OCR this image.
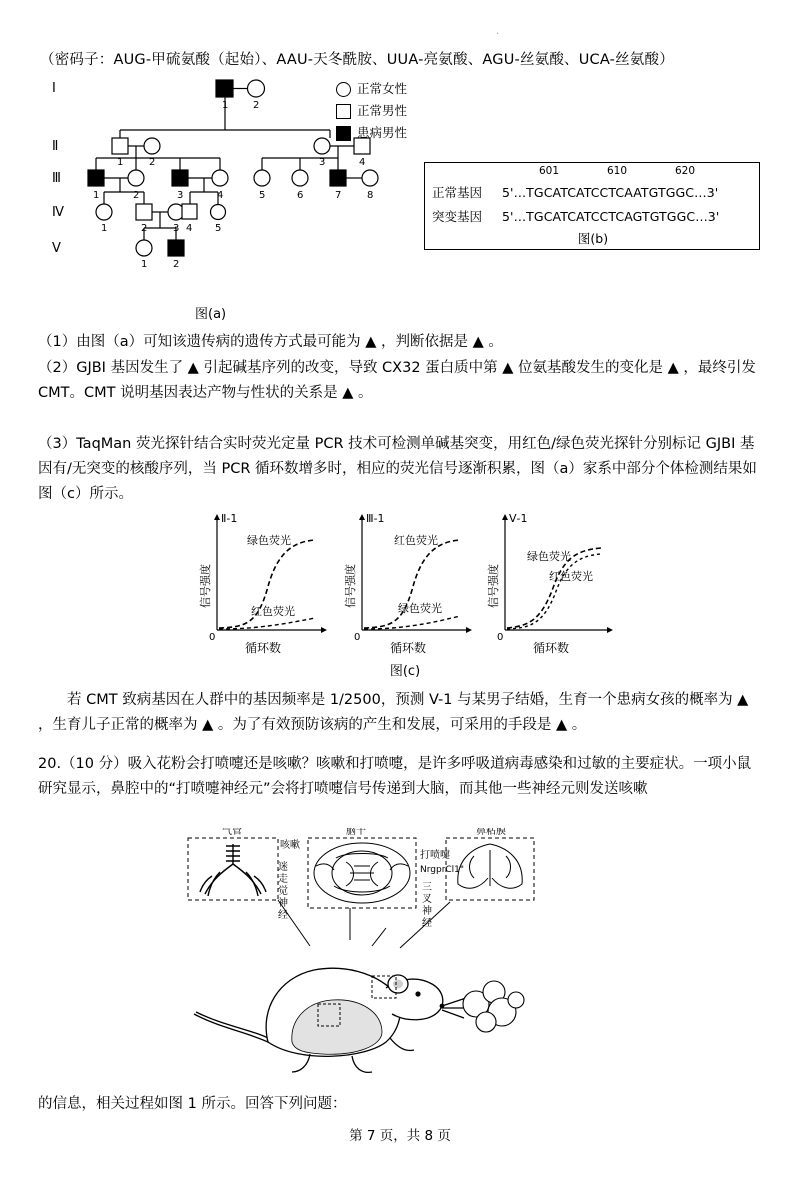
.
（密码子：AUG-甲硫氨酸（起始）、AAU-天冬酰胺、UUA-亮氨酸、AGU-丝氨酸、UCA-丝氨酸）
Ⅰ
Ⅱ
Ⅲ
Ⅳ
Ⅴ
1 2
1	2	3	4
1	2	3	4	5	6	7	8
1	2	3 4 5
1	2
图(a)
正常女性
正常男性
患病男性
601	610	620
正常基因 5'…TGCATCATCCTCAATGTGGC…3'
突变基因 5'…TGCATCATCCTCAGTGTGGC…3'
图(b)
（1）由图（a）可知该遗传病的遗传方式最可能为 ▲ ，判断依据是 ▲ 。
（2）GJBI 基因发生了 ▲ 引起碱基序列的改变，导致 CX32 蛋白质中第 ▲ 位氨基酸发生的变化是 ▲ ，最终引发 CMT。CMT 说明基因表达产物与性状的关系是 ▲ 。
（3）TaqMan 荧光探针结合实时荧光定量 PCR 技术可检测单碱基突变，用红色/绿色荧光探针分别标记 GJBI 基因有/无突变的核酸序列，当 PCR 循环数增多时，相应的荧光信号逐渐积累，图（a）家系中部分个体检测结果如图（c）所示。
0
绿色荧光
红色荧光
Ⅱ-1
信号强度
循环数
0
红色荧光
绿色荧光
Ⅲ-1
信号强度
循环数
0
绿色荧光
红色荧光
Ⅴ-1
信号强度
循环数
图(c)
若 CMT 致病基因在人群中的基因频率是 1/2500，预测 V-1 与某男子结婚，生育一个患病女孩的概率为 ▲ ，生育儿子正常的概率为 ▲ 。为了有效预防该病的产生和发展，可采用的手段是 ▲ 。
20.（10 分）吸入花粉会打喷嚏还是咳嗽？咳嗽和打喷嚏，是许多呼吸道病毒感染和过敏的主要症状。一项小鼠研究显示，鼻腔中的“打喷嚏神经元”会将打喷嚏信号传递到大脑，而其他一些神经元则发送咳嗽
气管	脑干	鼻粘膜
咳嗽
打喷嚏
NrgprCl1"
迷
走
觉
神
经
三
叉
神
经
的信息，相关过程如图 1 所示。回答下列问题：
第 7 页，共 8 页
